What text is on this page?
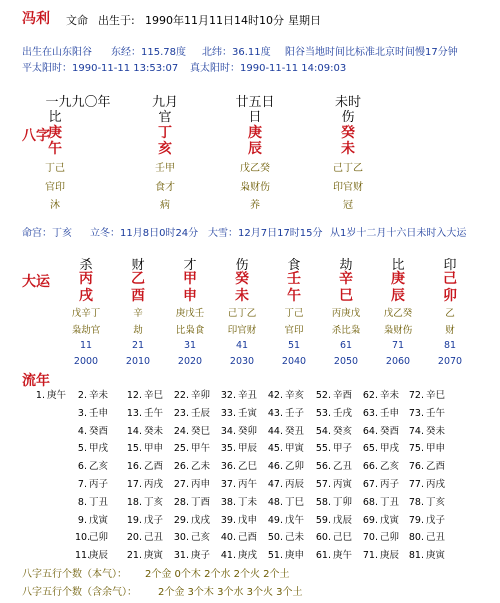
冯利 文命 出生于: 1990年11月11日14时10分 星期日
出生在山东阳谷 东经：115.78度 北纬：36.11度 阳谷当地时间比标准北京时间慢17分钟
平太阳时：1990-11-11 13:53:07 真太阳时：1990-11-11 14:09:03
八字
一九九〇年	九月	廿五日	未时
比	官	日	伤
庚	丁	庚	癸
午	亥	辰	未
丁己	壬甲	戊乙癸	己丁乙
官印	食才	枭财伤	印官财
沐	病	养	冠
命宫：丁亥 立冬：11月8日0时24分 大雪：12月7日17时15分 从1岁十二月十六日未时入大运
大运
杀	财	才	伤	食	劫	比	印
丙	乙	甲	癸	壬	辛	庚	己
戌	酉	申	未	午	巳	辰	卯
戊辛丁	辛	庚戊壬	己丁乙	丁己	丙庚戊	戊乙癸	乙
枭劫官	劫	比枭食	印官财	官印	杀比枭	枭财伤	财
11	21	31	41	51	61	71	81
2000	2010	2020	2030	2040	2050	2060	2070
流年
1. 庚午	2. 辛未	12. 辛巳	22. 辛卯	32. 辛丑	42. 辛亥	52. 辛酉	62. 辛未	72. 辛巳
3. 壬申	13. 壬午	23. 壬辰	33. 壬寅	43. 壬子	53. 壬戌	63. 壬申	73. 壬午
4. 癸酉	14. 癸未	24. 癸巳	34. 癸卯	44. 癸丑	54. 癸亥	64. 癸酉	74. 癸未
5. 甲戌	15. 甲申	25. 甲午	35. 甲辰	45. 甲寅	55. 甲子	65. 甲戌	75. 甲申
6. 乙亥	16. 乙酉	26. 乙未	36. 乙巳	46. 乙卯	56. 乙丑	66. 乙亥	76. 乙酉
7. 丙子	17. 丙戌	27. 丙申	37. 丙午	47. 丙辰	57. 丙寅	67. 丙子	77. 丙戌
8. 丁丑	18. 丁亥	28. 丁酉	38. 丁未	48. 丁巳	58. 丁卯	68. 丁丑	78. 丁亥
9. 戊寅	19. 戊子	29. 戊戌	39. 戊申	49. 戊午	59. 戊辰	69. 戊寅	79. 戊子
10.己卯	20. 己丑	30. 己亥	40. 己酉	50. 己未	60. 己巳	70. 己卯	80. 己丑
11.庚辰	21. 庚寅	31. 庚子	41. 庚戌	51. 庚申	61. 庚午	71. 庚辰	81. 庚寅
八字五行个数（本气）： 2个金 0个木 2个水 2个火 2个土
八字五行个数（含余气）： 2个金 3个木 3个水 3个火 3个土
